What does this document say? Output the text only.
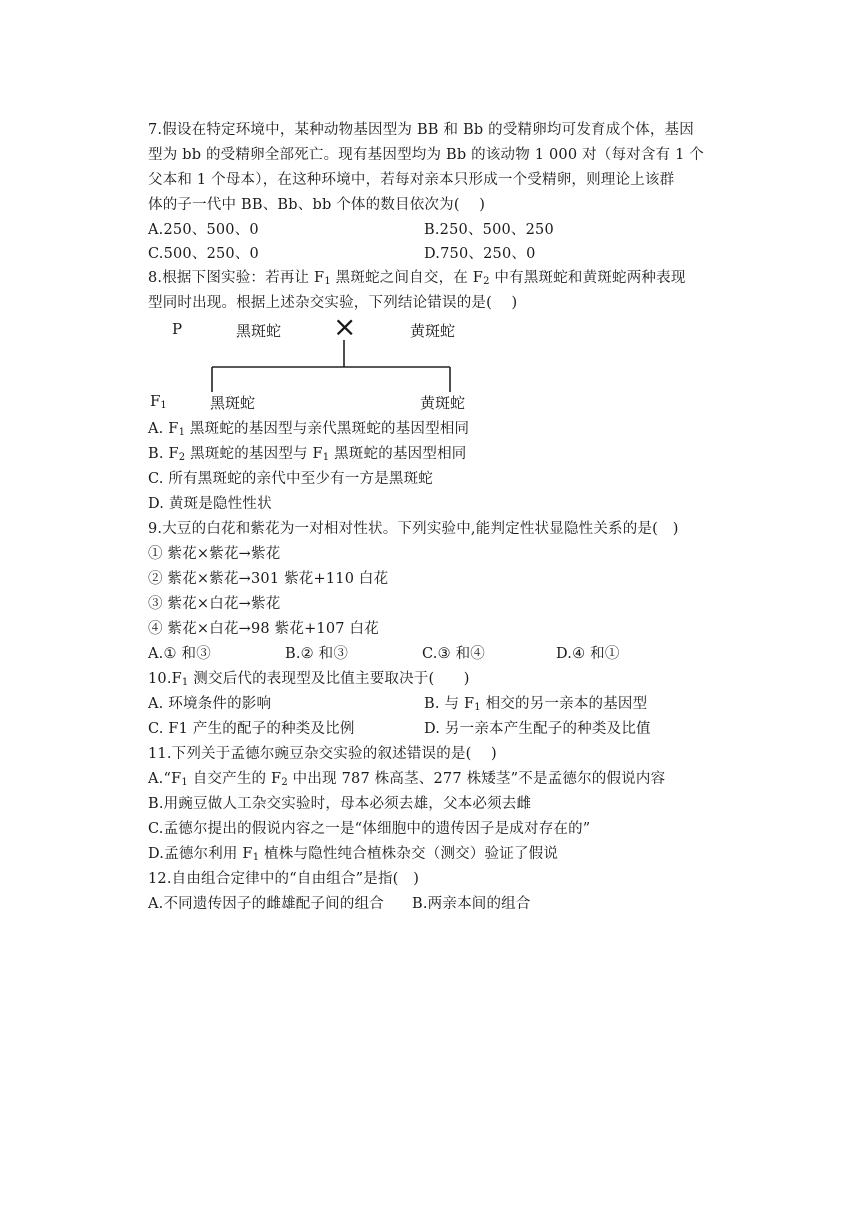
7.假设在特定环境中，某种动物基因型为 BB 和 Bb 的受精卵均可发育成个体，基因
型为 bb 的受精卵全部死亡。现有基因型均为 Bb 的该动物 1 000 对（每对含有 1 个
父本和 1 个母本），在这种环境中，若每对亲本只形成一个受精卵，则理论上该群
体的子一代中 BB、Bb、bb 个体的数目依次为(　 )
A.250、500、0	B.250、500、250
C.500、250、0	D.750、250、0
8.根据下图实验：若再让 $F_1$ 黑斑蛇之间自交，在 $F_2$ 中有黑斑蛇和黄斑蛇两种表现
型同时出现。根据上述杂交实验，下列结论错误的是(　 )
P	黑斑蛇 ×	黄斑蛇
$F_1$	黑斑蛇	黄斑蛇
A. $F_1$ 黑斑蛇的基因型与亲代黑斑蛇的基因型相同
B. $F_2$ 黑斑蛇的基因型与 $F_1$ 黑斑蛇的基因型相同
C. 所有黑斑蛇的亲代中至少有一方是黑斑蛇
D. 黄斑是隐性性状
9.大豆的白花和紫花为一对相对性状。下列实验中,能判定性状显隐性关系的是(　)
① 紫花×紫花→紫花
② 紫花×紫花→301 紫花+110 白花
③ 紫花×白花→紫花
④ 紫花×白花→98 紫花+107 白花
A.① 和③	B.② 和③	C.③ 和④	D.④ 和①
$10.F_1$ 测交后代的表现型及比值主要取决于(　　)
A. 环境条件的影响	B. 与 $F_1$ 相交的另一亲本的基因型
C. F1 产生的配子的种类及比例	D. 另一亲本产生配子的种类及比值
11.下列关于孟德尔豌豆杂交实验的叙述错误的是(　 )
$A.“F_1$ 自交产生的 $F_2$ 中出现 787 株高茎、277 株矮茎”不是孟德尔的假说内容
B.用豌豆做人工杂交实验时，母本必须去雄，父本必须去雌
C.孟德尔提出的假说内容之一是“体细胞中的遗传因子是成对存在的”
D.孟德尔利用 $F_1$ 植株与隐性纯合植株杂交（测交）验证了假说
12.自由组合定律中的“自由组合”是指(　)
A.不同遗传因子的雌雄配子间的组合 B.两亲本间的组合
